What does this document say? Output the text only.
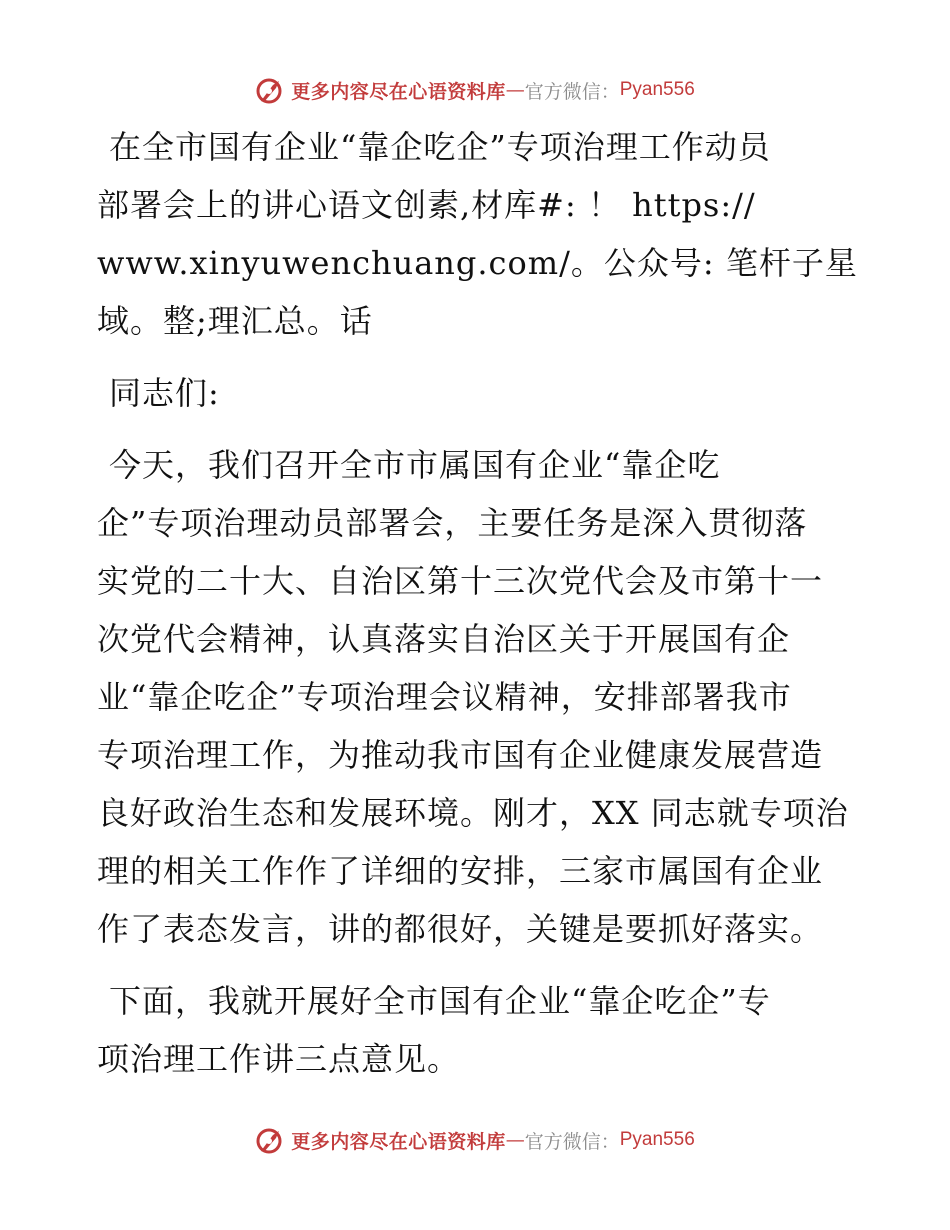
更多内容尽在心语资料库 — 官方微信： Pyan556
在全市国有企业“靠企吃企”专项治理工作动员
部署会上的讲心语文创素,材库#: ！ https://
www.xinyuwenchuang.com/。公众号: 笔杆子星
域。整;理汇总。话
同志们:
今天，我们召开全市市属国有企业“靠企吃
企”专项治理动员部署会，主要任务是深入贯彻落
实党的二十大、自治区第十三次党代会及市第十一
次党代会精神，认真落实自治区关于开展国有企
业“靠企吃企”专项治理会议精神，安排部署我市
专项治理工作，为推动我市国有企业健康发展营造
良好政治生态和发展环境。刚才，XX 同志就专项治
理的相关工作作了详细的安排，三家市属国有企业
作了表态发言，讲的都很好，关键是要抓好落实。
下面，我就开展好全市国有企业“靠企吃企”专
项治理工作讲三点意见。
更多内容尽在心语资料库 — 官方微信： Pyan556
